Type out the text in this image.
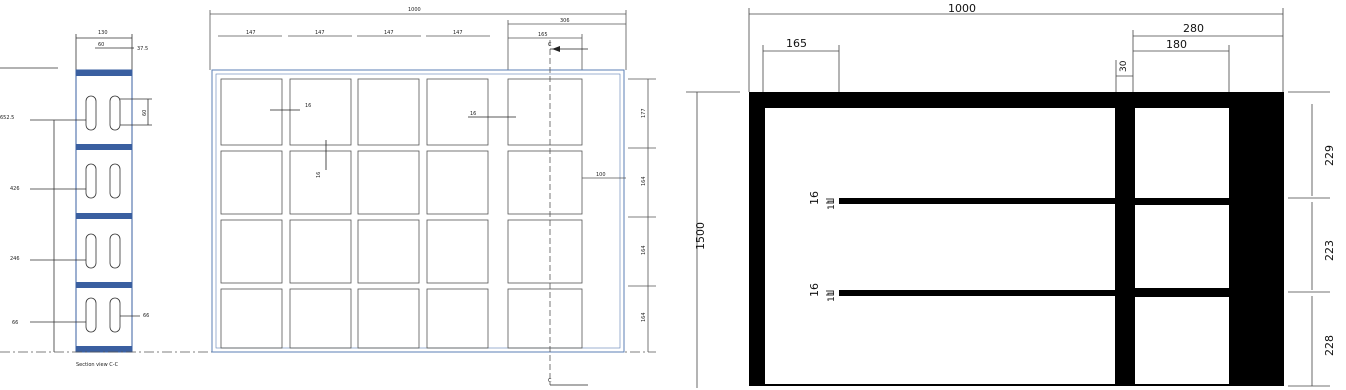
130
60
37.5
60
652.5
426
246
66
66
Section view C-C
1000
147	147	147	147
306
165
C
C
16
16
16	100
177
164
164
164
1000
280
180
165
30
1500
229
223
228
16 11
16 11
